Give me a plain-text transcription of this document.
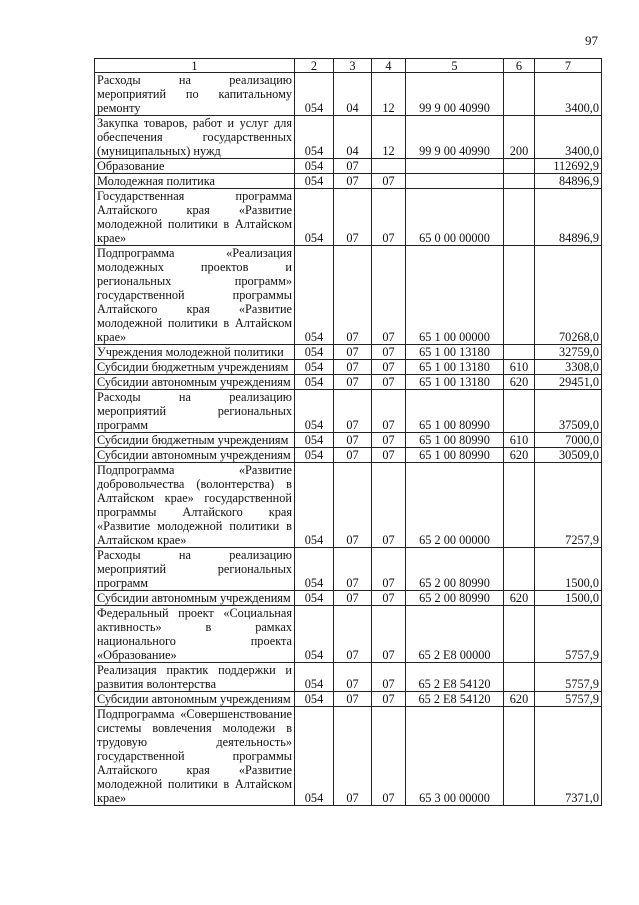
97
1	2	3	4	5	6	7
Расходы на реализацию мероприятий по капитальному ремонту	054	04	12	99 9 00 40990		3400,0
Закупка товаров, работ и услуг для обеспечения государственных (муниципальных) нужд	054	04	12	99 9 00 40990	200	3400,0
Образование	054	07				112692,9
Молодежная политика	054	07	07			84896,9
Государственная программа Алтайского края «Развитие молодежной политики в Алтайском крае»	054	07	07	65 0 00 00000		84896,9
Подпрограмма «Реализация молодежных проектов и региональных программ» государственной программы Алтайского края «Развитие молодежной политики в Алтайском крае»	054	07	07	65 1 00 00000		70268,0
Учреждения молодежной политики	054	07	07	65 1 00 13180		32759,0
Субсидии бюджетным учреждениям	054	07	07	65 1 00 13180	610	3308,0
Субсидии автономным учреждениям	054	07	07	65 1 00 13180	620	29451,0
Расходы на реализацию мероприятий региональных программ	054	07	07	65 1 00 80990		37509,0
Субсидии бюджетным учреждениям	054	07	07	65 1 00 80990	610	7000,0
Субсидии автономным учреждениям	054	07	07	65 1 00 80990	620	30509,0
Подпрограмма «Развитие добровольчества (волонтерства) в Алтайском крае» государственной программы Алтайского края «Развитие молодежной политики в Алтайском крае»	054	07	07	65 2 00 00000		7257,9
Расходы на реализацию мероприятий региональных программ	054	07	07	65 2 00 80990		1500,0
Субсидии автономным учреждениям	054	07	07	65 2 00 80990	620	1500,0
Федеральный проект «Социальная активность» в рамках национального проекта «Образование»	054	07	07	65 2 E8 00000		5757,9
Реализация практик поддержки и развития волонтерства	054	07	07	65 2 E8 54120		5757,9
Субсидии автономным учреждениям	054	07	07	65 2 E8 54120	620	5757,9
Подпрограмма «Совершенствование системы вовлечения молодежи в трудовую деятельность» государственной программы Алтайского края «Развитие молодежной политики в Алтайском крае»	054	07	07	65 3 00 00000		7371,0
